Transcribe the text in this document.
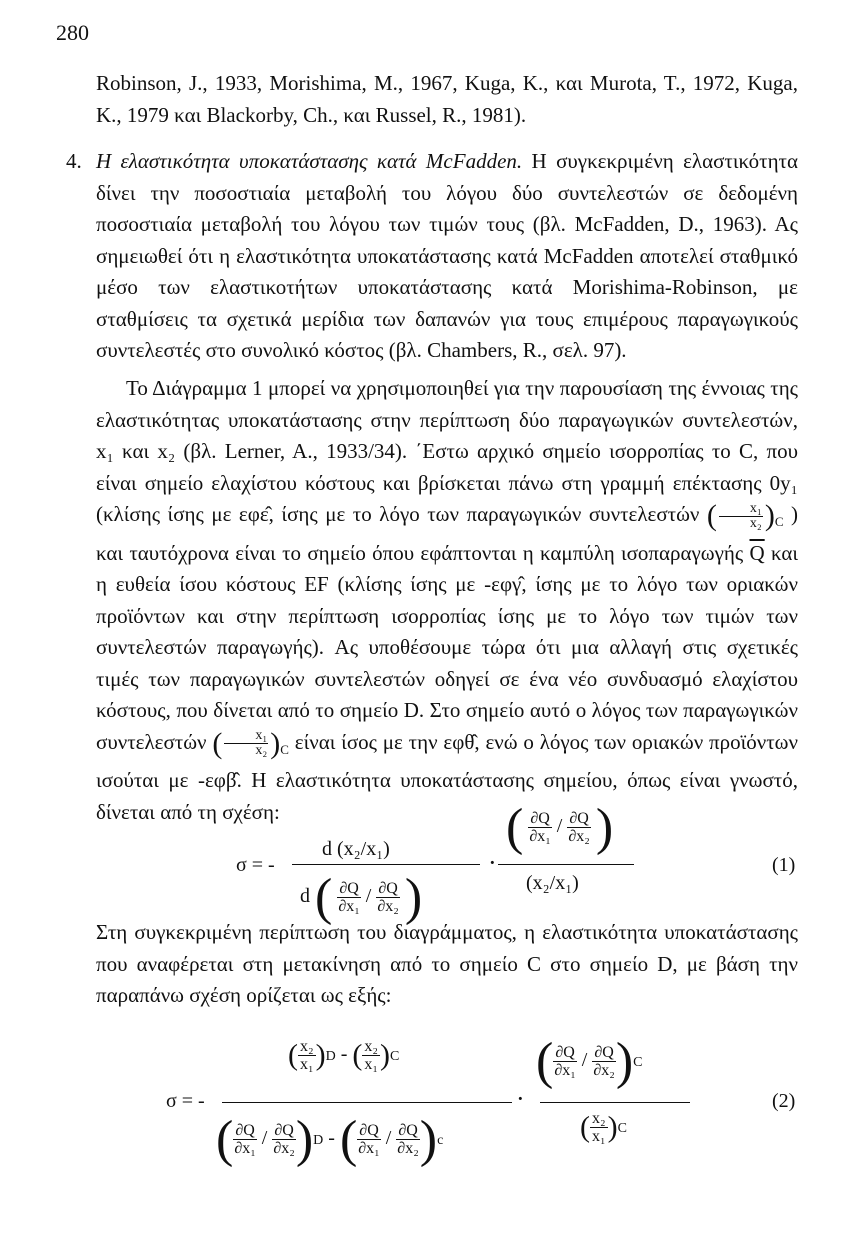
280
Robinson, J., 1933, Morishima, M., 1967, Kuga, K., και Murota, T., 1972, Kuga, K., 1979 και Blackorby, Ch., και Russel, R., 1981).
4. Η ελαστικότητα υποκατάστασης κατά McFadden. Η συγκεκριμένη ελαστικότητα δίνει την ποσοστιαία μεταβολή του λόγου δύο συντελεστών σε δεδομένη ποσοστιαία μεταβολή του λόγου των τιμών τους (βλ. McFadden, D., 1963). Ας σημειωθεί ότι η ελαστικότητα υποκατάστασης κατά McFadden αποτελεί σταθμικό μέσο των ελαστικοτήτων υποκατάστασης κατά Morishima-Robinson, με σταθμίσεις τα σχετικά μερίδια των δαπανών για τους επιμέρους παραγωγικούς συντελεστές στο συνολικό κόστος (βλ. Chambers, R., σελ. 97).
Το Διάγραμμα 1 μπορεί να χρησιμοποιηθεί για την παρουσίαση της έννοιας της ελαστικότητας υποκατάστασης στην περίπτωση δύο παραγωγικών συντελεστών, x₁ και x₂ (βλ. Lerner, A., 1933/34). ΄Εστω αρχικό σημείο ισορροπίας το C, που είναι σημείο ελαχίστου κόστους και βρίσκεται πάνω στη γραμμή επέκτασης 0y₁ (κλίσης ίσης με εφε̂, ίσης με το λόγο των παραγωγικών συντελεστών ( $\frac{\text{x₁}}{\text{x₂}} )_C$ ) και ταυτόχρονα είναι το σημείο όπου εφάπτονται η καμπύλη ισοπαραγωγής $\overline{Q}$ και η ευθεία ίσου κόστους EF (κλίσης ίσης με -εφγ̂, ίσης με το λόγο των οριακών προϊόντων και στην περίπτωση ισορροπίας ίσης με το λόγο των τιμών των συντελεστών παραγωγής). Ας υποθέσουμε τώρα ότι μια αλλαγή στις σχετικές τιμές των παραγωγικών συντελεστών οδηγεί σε ένα νέο συνδυασμό ελαχίστου κόστους, που δίνεται από το σημείο D. Στο σημείο αυτό ο λόγος των παραγωγικών συντελεστών ( $\frac{\text{x₁}}{\text{x₂}} )_C$ είναι ίσος με την εφθ̂, ενώ ο λόγος των οριακών προϊόντων ισούται με -εφβ̂. Η ελαστικότητα υποκατάστασης σημείου, όπως είναι γνωστό, δίνεται από τη σχέση:
σ = -
d (x₂/x₁)
d ( $\frac{\partial Q}{\text{∂x₁}} / \frac{\partial Q}{\text{∂x₂}}$ )
·
( $\frac{\partial Q}{\text{∂x₁}} / \frac{\partial Q}{\text{∂x₂}}$ )
(x₂/x₁)
(1)
Στη συγκεκριμένη περίπτωση του διαγράμματος, η ελαστικότητα υποκατάστασης που αναφέρεται στη μετακίνηση από το σημείο C στο σημείο D, με βάση την παραπάνω σχέση ορίζεται ως εξής:
σ = -
( $\frac{\text{x₂}}{\text{x₁}} )D$ - ( $\frac{\text{x₂}}{\text{x₁}} )C$
( $\frac{\partial Q}{\text{∂x₁}} / \frac{\partial Q}{\text{∂x₂}} )D$ - ( $\frac{\partial Q}{\text{∂x₁}} / \frac{\partial Q}{\text{∂x₂}} )c$
·
( $\frac{\partial Q}{\text{∂x₁}} / \frac{\partial Q}{\text{∂x₂}} )C$
( $\frac{\text{x₂}}{\text{x₁}} )C$
(2)
